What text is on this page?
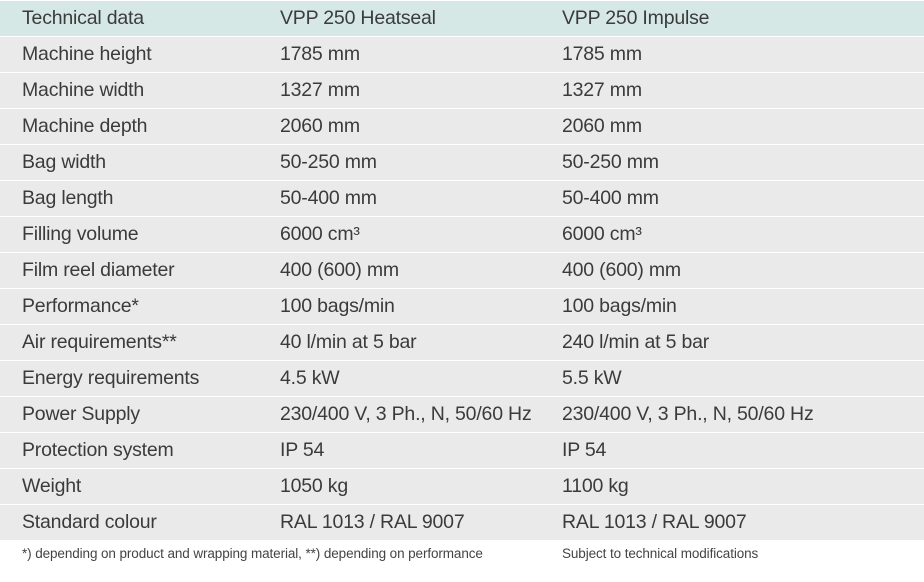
Technical data	VPP 250 Heatseal	VPP 250 Impulse
Machine height	1785 mm	1785 mm
Machine width	1327 mm	1327 mm
Machine depth	2060 mm	2060 mm
Bag width	50-250 mm	50-250 mm
Bag length	50-400 mm	50-400 mm
Filling volume	6000 cm³	6000 cm³
Film reel diameter	400 (600) mm	400 (600) mm
Performance*	100 bags/min	100 bags/min
Air requirements**	40 l/min at 5 bar	240 l/min at 5 bar
Energy requirements	4.5 kW	5.5 kW
Power Supply	230/400 V, 3 Ph., N, 50/60 Hz	230/400 V, 3 Ph., N, 50/60 Hz
Protection system	IP 54	IP 54
Weight	1050 kg	1100 kg
Standard colour	RAL 1013 / RAL 9007	RAL 1013 / RAL 9007
*) depending on product and wrapping material, **) depending on performance	Subject to technical modifications
